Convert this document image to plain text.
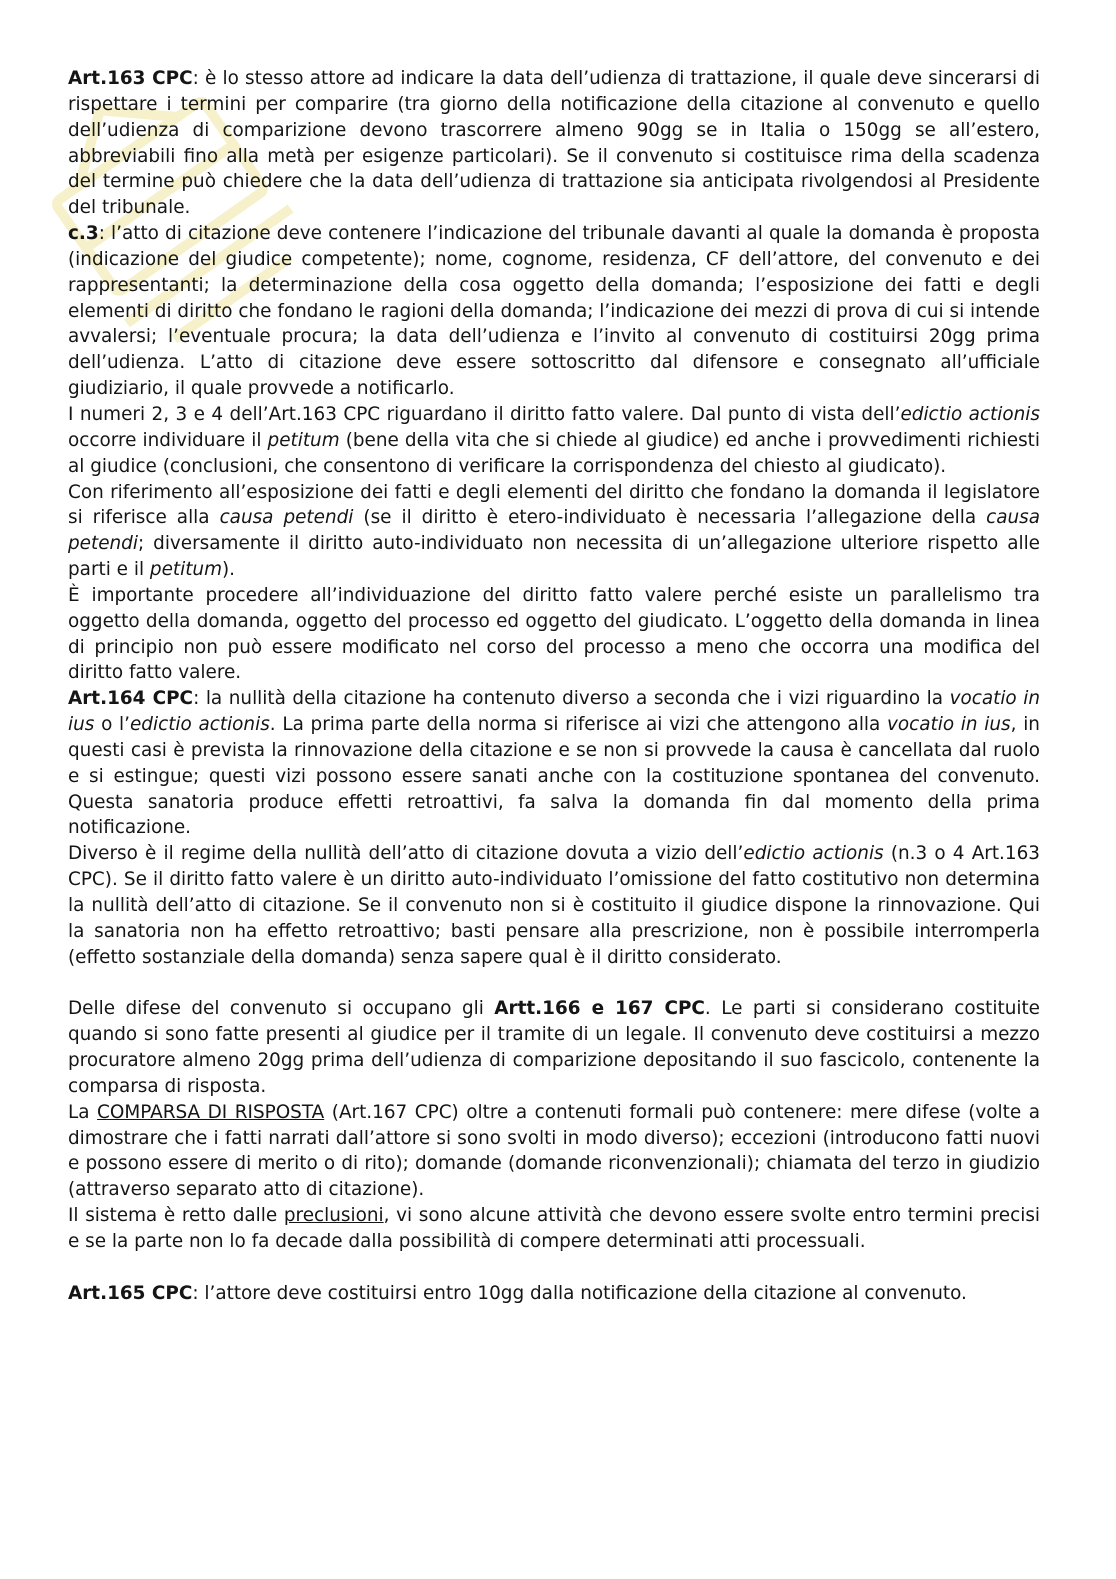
Art.163 CPC: è lo stesso attore ad indicare la data dell’udienza di trattazione, il quale deve sincerarsi di rispettare i termini per comparire (tra giorno della notificazione della citazione al convenuto e quello dell’udienza di comparizione devono trascorrere almeno 90gg se in Italia o 150gg se all’estero, abbreviabili fino alla metà per esigenze particolari). Se il convenuto si costituisce rima della scadenza del termine può chiedere che la data dell’udienza di trattazione sia anticipata rivolgendosi al Presidente del tribunale.

c.3: l’atto di citazione deve contenere l’indicazione del tribunale davanti al quale la domanda è proposta (indicazione del giudice competente); nome, cognome, residenza, CF dell’attore, del convenuto e dei rappresentanti; la determinazione della cosa oggetto della domanda; l’esposizione dei fatti e degli elementi di diritto che fondano le ragioni della domanda; l’indicazione dei mezzi di prova di cui si intende avvalersi; l’eventuale procura; la data dell’udienza e l’invito al convenuto di costituirsi 20gg prima dell’udienza. L’atto di citazione deve essere sottoscritto dal difensore e consegnato all’ufficiale giudiziario, il quale provvede a notificarlo.

I numeri 2, 3 e 4 dell’Art.163 CPC riguardano il diritto fatto valere. Dal punto di vista dell’edictio actionis occorre individuare il petitum (bene della vita che si chiede al giudice) ed anche i provvedimenti richiesti al giudice (conclusioni, che consentono di verificare la corrispondenza del chiesto al giudicato).

Con riferimento all’esposizione dei fatti e degli elementi del diritto che fondano la domanda il legislatore si riferisce alla causa petendi (se il diritto è etero-individuato è necessaria l’allegazione della causa petendi; diversamente il diritto auto-individuato non necessita di un’allegazione ulteriore rispetto alle parti e il petitum).

È importante procedere all’individuazione del diritto fatto valere perché esiste un parallelismo tra oggetto della domanda, oggetto del processo ed oggetto del giudicato. L’oggetto della domanda in linea di principio non può essere modificato nel corso del processo a meno che occorra una modifica del diritto fatto valere.

Art.164 CPC: la nullità della citazione ha contenuto diverso a seconda che i vizi riguardino la vocatio in ius o l’edictio actionis. La prima parte della norma si riferisce ai vizi che attengono alla vocatio in ius, in questi casi è prevista la rinnovazione della citazione e se non si provvede la causa è cancellata dal ruolo e si estingue; questi vizi possono essere sanati anche con la costituzione spontanea del convenuto. Questa sanatoria produce effetti retroattivi, fa salva la domanda fin dal momento della prima notificazione.

Diverso è il regime della nullità dell’atto di citazione dovuta a vizio dell’edictio actionis (n.3 o 4 Art.163 CPC). Se il diritto fatto valere è un diritto auto-individuato l’omissione del fatto costitutivo non determina la nullità dell’atto di citazione. Se il convenuto non si è costituito il giudice dispone la rinnovazione. Qui la sanatoria non ha effetto retroattivo; basti pensare alla prescrizione, non è possibile interromperla (effetto sostanziale della domanda) senza sapere qual è il diritto considerato.

Delle difese del convenuto si occupano gli Artt.166 e 167 CPC. Le parti si considerano costituite quando si sono fatte presenti al giudice per il tramite di un legale. Il convenuto deve costituirsi a mezzo procuratore almeno 20gg prima dell’udienza di comparizione depositando il suo fascicolo, contenente la comparsa di risposta.

La COMPARSA DI RISPOSTA (Art.167 CPC) oltre a contenuti formali può contenere: mere difese (volte a dimostrare che i fatti narrati dall’attore si sono svolti in modo diverso); eccezioni (introducono fatti nuovi e possono essere di merito o di rito); domande (domande riconvenzionali); chiamata del terzo in giudizio (attraverso separato atto di citazione).

Il sistema è retto dalle preclusioni, vi sono alcune attività che devono essere svolte entro termini precisi e se la parte non lo fa decade dalla possibilità di compere determinati atti processuali.

Art.165 CPC: l’attore deve costituirsi entro 10gg dalla notificazione della citazione al convenuto.
